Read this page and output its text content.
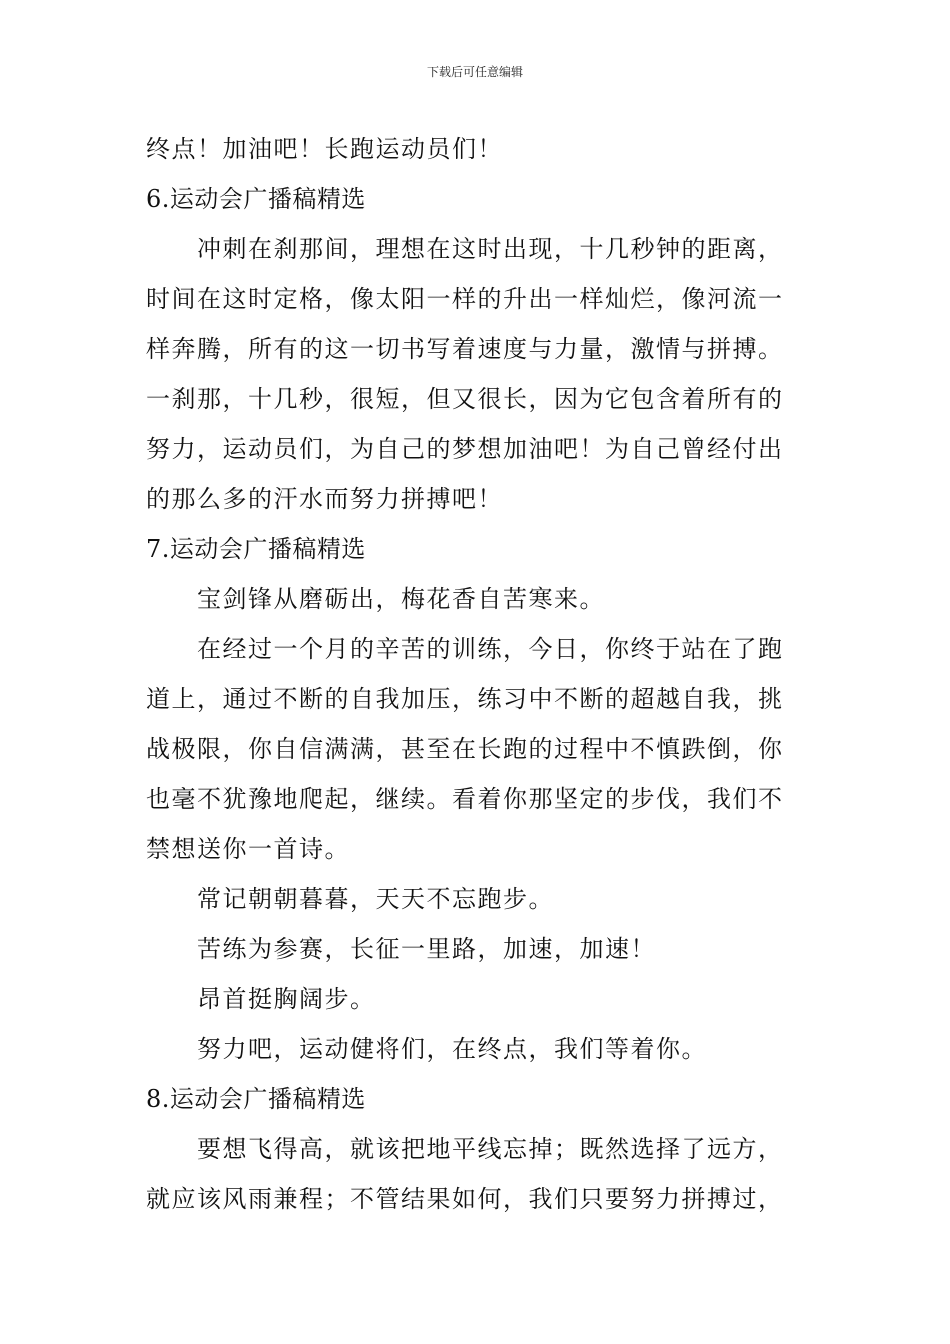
下载后可任意编辑
终点！加油吧！长跑运动员们！
6.运动会广播稿精选
冲刺在刹那间，理想在这时出现，十几秒钟的距离，
时间在这时定格，像太阳一样的升出一样灿烂，像河流一
样奔腾，所有的这一切书写着速度与力量，激情与拼搏。
一刹那，十几秒，很短，但又很长，因为它包含着所有的
努力，运动员们，为自己的梦想加油吧！为自己曾经付出
的那么多的汗水而努力拼搏吧！
7.运动会广播稿精选
宝剑锋从磨砺出，梅花香自苦寒来。
在经过一个月的辛苦的训练，今日，你终于站在了跑
道上，通过不断的自我加压，练习中不断的超越自我，挑
战极限，你自信满满，甚至在长跑的过程中不慎跌倒，你
也毫不犹豫地爬起，继续。看着你那坚定的步伐，我们不
禁想送你一首诗。
常记朝朝暮暮，天天不忘跑步。
苦练为参赛，长征一里路，加速，加速！
昂首挺胸阔步。
努力吧，运动健将们，在终点，我们等着你。
8.运动会广播稿精选
要想飞得高，就该把地平线忘掉；既然选择了远方，
就应该风雨兼程；不管结果如何，我们只要努力拼搏过，
